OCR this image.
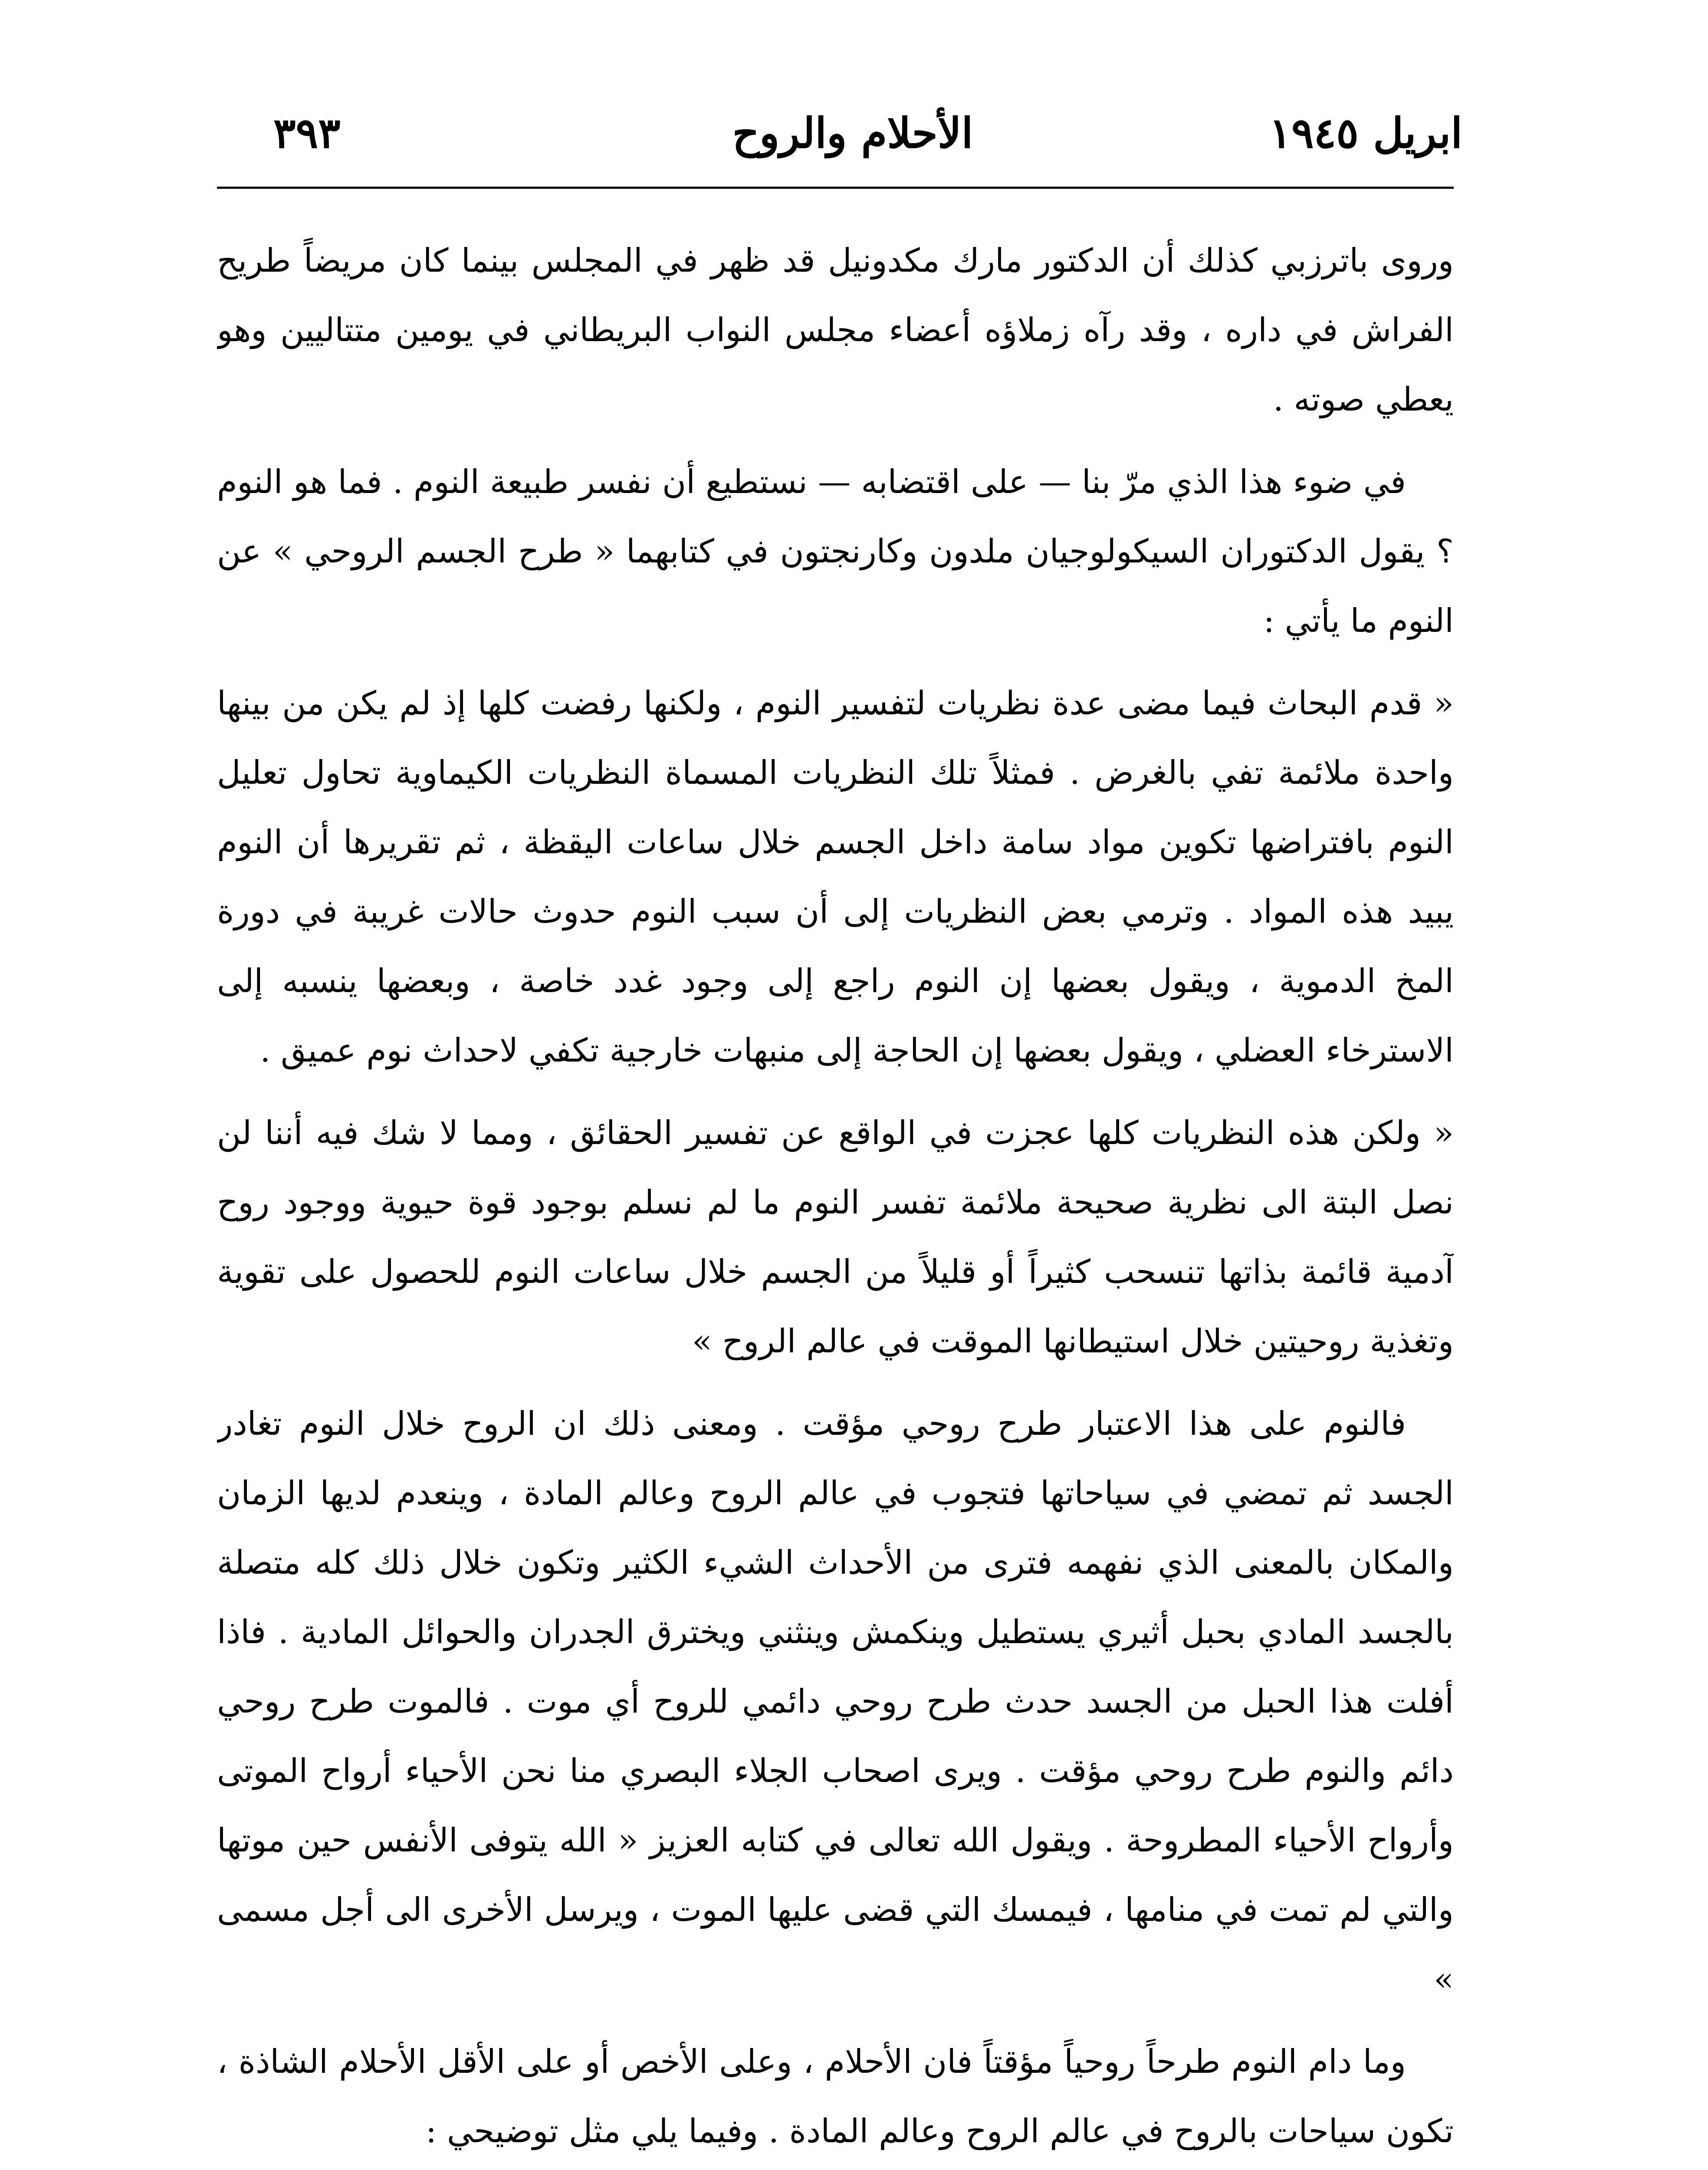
ابريل ١٩٤٥
الأحلام والروح
٣٩٣

وروى باترزبي كذلك أن الدكتور مارك مكدونيل قد ظهر في المجلس بينما كان مريضاً طريح الفراش في داره ، وقد رآه زملاؤه أعضاء مجلس النواب البريطاني في يومين متتاليين وهو يعطي صوته .

في ضوء هذا الذي مرّ بنا — على اقتضابه — نستطيع أن نفسر طبيعة النوم . فما هو النوم ؟ يقول الدكتوران السيكولوجيان ملدون وكارنجتون في كتابهما « طرح الجسم الروحي » عن النوم ما يأتي :

« قدم البحاث فيما مضى عدة نظريات لتفسير النوم ، ولكنها رفضت كلها إذ لم يكن من بينها واحدة ملائمة تفي بالغرض . فمثلاً تلك النظريات المسماة النظريات الكيماوية تحاول تعليل النوم بافتراضها تكوين مواد سامة داخل الجسم خلال ساعات اليقظة ، ثم تقريرها أن النوم يبيد هذه المواد . وترمي بعض النظريات إلى أن سبب النوم حدوث حالات غريبة في دورة المخ الدموية ، ويقول بعضها إن النوم راجع إلى وجود غدد خاصة ، وبعضها ينسبه إلى الاسترخاء العضلي ، ويقول بعضها إن الحاجة إلى منبهات خارجية تكفي لاحداث نوم عميق .

« ولكن هذه النظريات كلها عجزت في الواقع عن تفسير الحقائق ، ومما لا شك فيه أننا لن نصل البتة الى نظرية صحيحة ملائمة تفسر النوم ما لم نسلم بوجود قوة حيوية ووجود روح آدمية قائمة بذاتها تنسحب كثيراً أو قليلاً من الجسم خلال ساعات النوم للحصول على تقوية وتغذية روحيتين خلال استيطانها الموقت في عالم الروح »

فالنوم على هذا الاعتبار طرح روحي مؤقت . ومعنى ذلك ان الروح خلال النوم تغادر الجسد ثم تمضي في سياحاتها فتجوب في عالم الروح وعالم المادة ، وينعدم لديها الزمان والمكان بالمعنى الذي نفهمه فترى من الأحداث الشيء الكثير وتكون خلال ذلك كله متصلة بالجسد المادي بحبل أثيري يستطيل وينكمش وينثني ويخترق الجدران والحوائل المادية . فاذا أفلت هذا الحبل من الجسد حدث طرح روحي دائمي للروح أي موت . فالموت طرح روحي دائم والنوم طرح روحي مؤقت . ويرى اصحاب الجلاء البصري منا نحن الأحياء أرواح الموتى وأرواح الأحياء المطروحة . ويقول الله تعالى في كتابه العزيز « الله يتوفى الأنفس حين موتها والتي لم تمت في منامها ، فيمسك التي قضى عليها الموت ، ويرسل الأخرى الى أجل مسمى »

وما دام النوم طرحاً روحياً مؤقتاً فان الأحلام ، وعلى الأخص أو على الأقل الأحلام الشاذة ، تكون سياحات بالروح في عالم الروح وعالم المادة . وفيما يلي مثل توضيحي :
